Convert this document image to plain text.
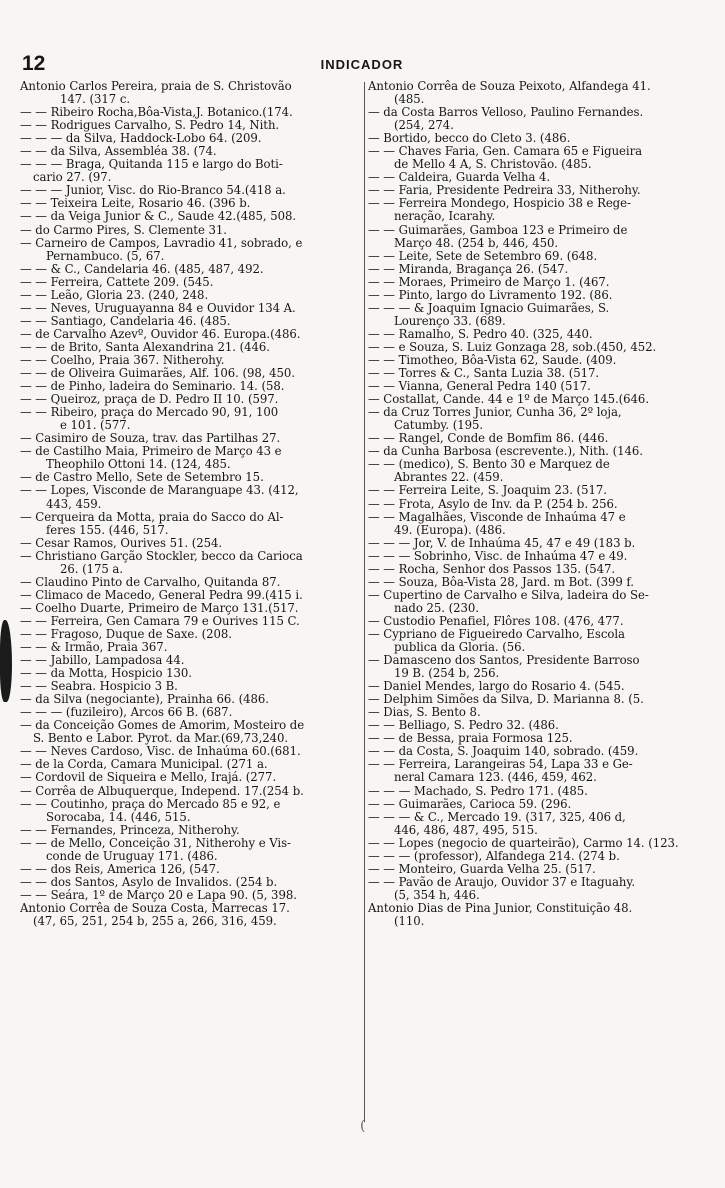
12	INDICADOR
Antonio Carlos Pereira, praia de S. Christovão
147. (317 c.
— — Ribeiro Rocha,Bôa-Vista,J. Botanico.(174.
— — Rodrigues Carvalho, S. Pedro 14, Nith.
— — — da Silva, Haddock-Lobo 64. (209.
— — da Silva, Assembléa 38. (74.
— — — Braga, Quitanda 115 e largo do Boti-
cario 27. (97.
— — — Junior, Visc. do Rio-Branco 54.(418 a.
— — Teixeira Leite, Rosario 46. (396 b.
— — da Veiga Junior & C., Saude 42.(485, 508.
— do Carmo Pires, S. Clemente 31.
— Carneiro de Campos, Lavradio 41, sobrado, e
Pernambuco. (5, 67.
— — & C., Candelaria 46. (485, 487, 492.
— — Ferreira, Cattete 209. (545.
— — Leão, Gloria 23. (240, 248.
— — Neves, Uruguayanna 84 e Ouvidor 134 A.
— — Santiago, Candelaria 46. (485.
— de Carvalho Azevº, Ouvidor 46. Europa.(486.
— — de Brito, Santa Alexandrina 21. (446.
— — Coelho, Praia 367. Nitherohy.
— — de Oliveira Guimarães, Alf. 106. (98, 450.
— — de Pinho, ladeira do Seminario. 14. (58.
— — Queiroz, praça de D. Pedro II 10. (597.
— — Ribeiro, praça do Mercado 90, 91, 100
e 101. (577.
— Casimiro de Souza, trav. das Partilhas 27.
— de Castilho Maia, Primeiro de Março 43 e
Theophilo Ottoni 14. (124, 485.
— de Castro Mello, Sete de Setembro 15.
— — Lopes, Visconde de Maranguape 43. (412,
443, 459.
— Cerqueira da Motta, praia do Sacco do Al-
feres 155. (446, 517.
— Cesar Ramos, Ourives 51. (254.
— Christiano Garção Stockler, becco da Carioca
26. (175 a.
— Claudino Pinto de Carvalho, Quitanda 87.
— Climaco de Macedo, General Pedra 99.(415 i.
— Coelho Duarte, Primeiro de Março 131.(517.
— — Ferreira, Gen Camara 79 e Ourives 115 C.
— — Fragoso, Duque de Saxe. (208.
— — & Irmão, Praia 367.
— — Jabillo, Lampadosa 44.
— — da Motta, Hospicio 130.
— — Seabra. Hospicio 3 B.
— da Silva (negociante), Prainha 66. (486.
— — — (fuzileiro), Arcos 66 B. (687.
— da Conceição Gomes de Amorim, Mosteiro de
S. Bento e Labor. Pyrot. da Mar.(69,73,240.
— — Neves Cardoso, Visc. de Inhaúma 60.(681.
— de la Corda, Camara Municipal. (271 a.
— Cordovil de Siqueira e Mello, Irajá. (277.
— Corrêa de Albuquerque, Independ. 17.(254 b.
— — Coutinho, praça do Mercado 85 e 92, e
Sorocaba, 14. (446, 515.
— — Fernandes, Princeza, Nitherohy.
— — de Mello, Conceição 31, Nitherohy e Vis-
conde de Uruguay 171. (486.
— — dos Reis, America 126, (547.
— — dos Santos, Asylo de Invalidos. (254 b.
— — Seára, 1º de Março 20 e Lapa 90. (5, 398.
Antonio Corrêa de Souza Costa, Marrecas 17.
(47, 65, 251, 254 b, 255 a, 266, 316, 459.
Antonio Corrêa de Souza Peixoto, Alfandega 41.
(485.
— da Costa Barros Velloso, Paulino Fernandes.
(254, 274.
— Bortido, becco do Cleto 3. (486.
— — Chaves Faria, Gen. Camara 65 e Figueira
de Mello 4 A, S. Christovão. (485.
— — Caldeira, Guarda Velha 4.
— — Faria, Presidente Pedreira 33, Nitherohy.
— — Ferreira Mondego, Hospicio 38 e Rege-
neração, Icarahy.
— — Guimarães, Gamboa 123 e Primeiro de
Março 48. (254 b, 446, 450.
— — Leite, Sete de Setembro 69. (648.
— — Miranda, Bragança 26. (547.
— — Moraes, Primeiro de Março 1. (467.
— — Pinto, largo do Livramento 192. (86.
— — — & Joaquim Ignacio Guimarães, S.
Lourenço 33. (689.
— — Ramalho, S. Pedro 40. (325, 440.
— — e Souza, S. Luiz Gonzaga 28, sob.(450, 452.
— — Timotheo, Bôa-Vista 62, Saude. (409.
— — Torres & C., Santa Luzia 38. (517.
— — Vianna, General Pedra 140 (517.
— Costallat, Cande. 44 e 1º de Março 145.(646.
— da Cruz Torres Junior, Cunha 36, 2º loja,
Catumby. (195.
— — Rangel, Conde de Bomfim 86. (446.
— da Cunha Barbosa (escrevente.), Nith. (146.
— — (medico), S. Bento 30 e Marquez de
Abrantes 22. (459.
— — Ferreira Leite, S. Joaquim 23. (517.
— — Frota, Asylo de Inv. da P. (254 b. 256.
— — Magalhães, Visconde de Inhaúma 47 e
49. (Europa). (486.
— — — Jor, V. de Inhaúma 45, 47 e 49 (183 b.
— — — Sobrinho, Visc. de Inhaúma 47 e 49.
— — Rocha, Senhor dos Passos 135. (547.
— — Souza, Bôa-Vista 28, Jard. m Bot. (399 f.
— Cupertino de Carvalho e Silva, ladeira do Se-
nado 25. (230.
— Custodio Penafiel, Flôres 108. (476, 477.
— Cypriano de Figueiredo Carvalho, Escola
publica da Gloria. (56.
— Damasceno dos Santos, Presidente Barroso
19 B. (254 b, 256.
— Daniel Mendes, largo do Rosario 4. (545.
— Delphim Simões da Silva, D. Marianna 8. (5.
— Dias, S. Bento 8.
— — Belliago, S. Pedro 32. (486.
— — de Bessa, praia Formosa 125.
— — da Costa, S. Joaquim 140, sobrado. (459.
— — Ferreira, Larangeiras 54, Lapa 33 e Ge-
neral Camara 123. (446, 459, 462.
— — — Machado, S. Pedro 171. (485.
— — Guimarães, Carioca 59. (296.
— — — & C., Mercado 19. (317, 325, 406 d,
446, 486, 487, 495, 515.
— — Lopes (negocio de quarteirão), Carmo 14. (123.
— — — (professor), Alfandega 214. (274 b.
— — Monteiro, Guarda Velha 25. (517.
— — Pavão de Araujo, Ouvidor 37 e Itaguahy.
(5, 354 h, 446.
Antonio Dias de Pina Junior, Constituição 48.
(110.
(
